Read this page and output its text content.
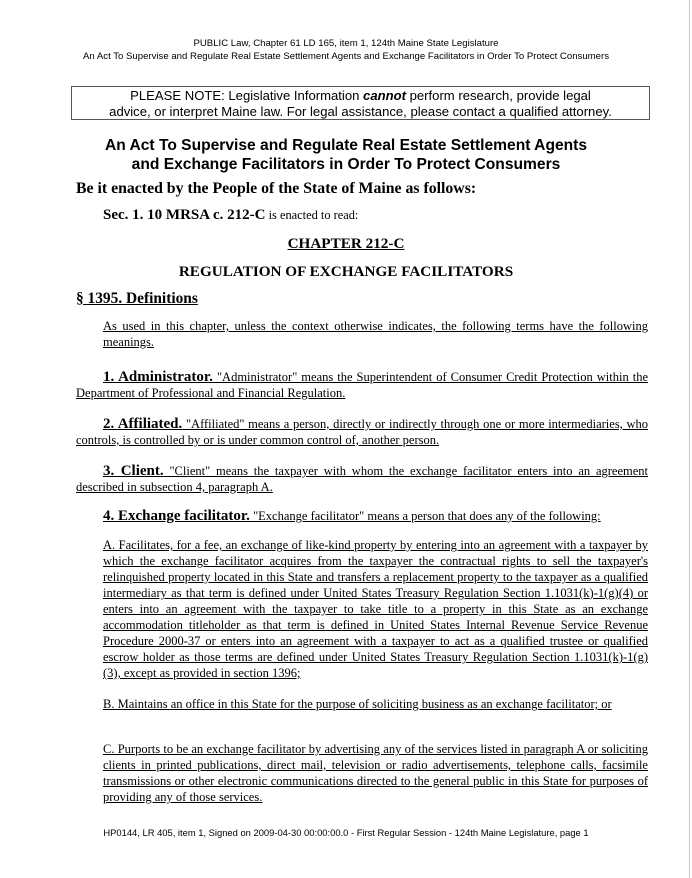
PUBLIC Law, Chapter 61 LD 165, item 1, 124th Maine State Legislature
An Act To Supervise and Regulate Real Estate Settlement Agents and Exchange Facilitators in Order To Protect Consumers
PLEASE NOTE: Legislative Information cannot perform research, provide legal
advice, or interpret Maine law. For legal assistance, please contact a qualified attorney.
An Act To Supervise and Regulate Real Estate Settlement Agents
and Exchange Facilitators in Order To Protect Consumers
Be it enacted by the People of the State of Maine as follows:
Sec. 1. 10 MRSA c. 212-C is enacted to read:
CHAPTER 212-C
REGULATION OF EXCHANGE FACILITATORS
§ 1395. Definitions
As used in this chapter, unless the context otherwise indicates, the following terms have the following meanings.
1. Administrator. "Administrator" means the Superintendent of Consumer Credit Protection within the Department of Professional and Financial Regulation.
2. Affiliated. "Affiliated" means a person, directly or indirectly through one or more intermediaries, who controls, is controlled by or is under common control of, another person.
3. Client. "Client" means the taxpayer with whom the exchange facilitator enters into an agreement described in subsection 4, paragraph A.
4. Exchange facilitator. "Exchange facilitator" means a person that does any of the following:
A. Facilitates, for a fee, an exchange of like-kind property by entering into an agreement with a taxpayer by which the exchange facilitator acquires from the taxpayer the contractual rights to sell the taxpayer's relinquished property located in this State and transfers a replacement property to the taxpayer as a qualified intermediary as that term is defined under United States Treasury Regulation Section 1.1031(k)-1(g)(4) or enters into an agreement with the taxpayer to take title to a property in this State as an exchange accommodation titleholder as that term is defined in United States Internal Revenue Service Revenue Procedure 2000-37 or enters into an agreement with a taxpayer to act as a qualified trustee or qualified escrow holder as those terms are defined under United States Treasury Regulation Section 1.1031(k)-1(g)(3), except as provided in section 1396;
B. Maintains an office in this State for the purpose of soliciting business as an exchange facilitator; or
C. Purports to be an exchange facilitator by advertising any of the services listed in paragraph A or soliciting clients in printed publications, direct mail, television or radio advertisements, telephone calls, facsimile transmissions or other electronic communications directed to the general public in this State for purposes of providing any of those services.
HP0144, LR 405, item 1, Signed on 2009-04-30 00:00:00.0 - First Regular Session - 124th Maine Legislature, page 1
